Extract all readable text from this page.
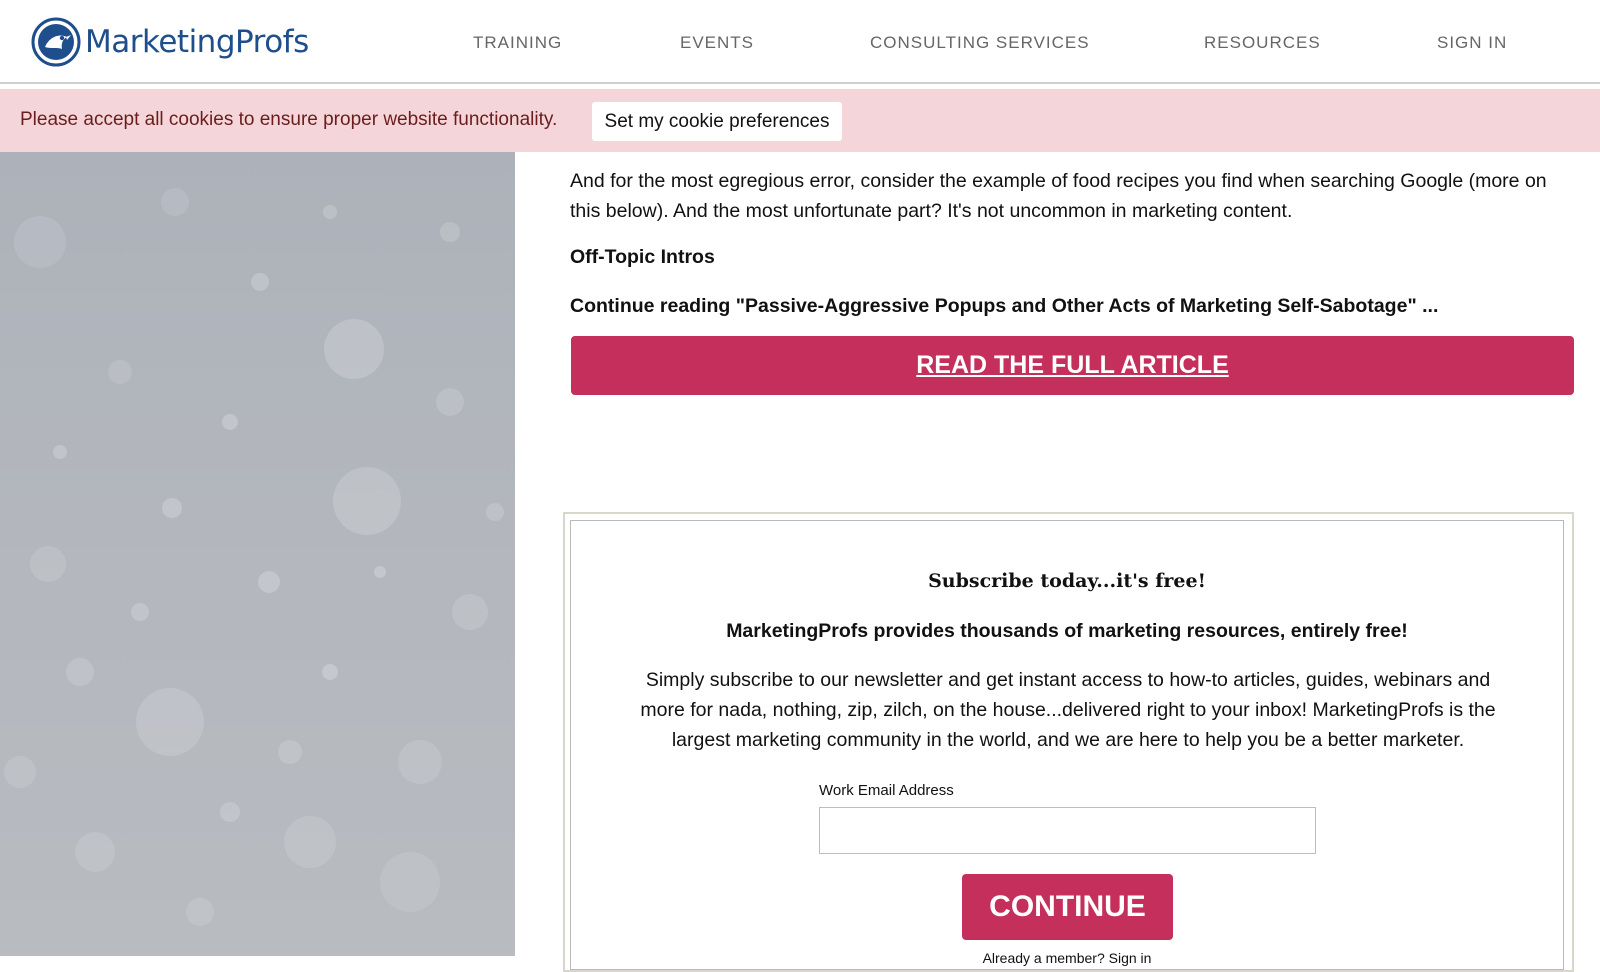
MarketingProfs	TRAINING	EVENTS	CONSULTING SERVICES	RESOURCES	SIGN IN
Please accept all cookies to ensure proper website functionality.	Set my cookie preferences

And for the most egregious error, consider the example of food recipes you find when searching Google (more on this below). And the most unfortunate part? It's not uncommon in marketing content.

Off-Topic Intros
Continue reading "Passive-Aggressive Popups and Other Acts of Marketing Self-Sabotage" ...
READ THE FULL ARTICLE
Subscribe today...it's free!
MarketingProfs provides thousands of marketing resources, entirely free!
Simply subscribe to our newsletter and get instant access to how-to articles, guides, webinars and more for nada, nothing, zip, zilch, on the house...delivered right to your inbox! MarketingProfs is the largest marketing community in the world, and we are here to help you be a better marketer.
Work Email Address
CONTINUE
Already a member? Sign in
